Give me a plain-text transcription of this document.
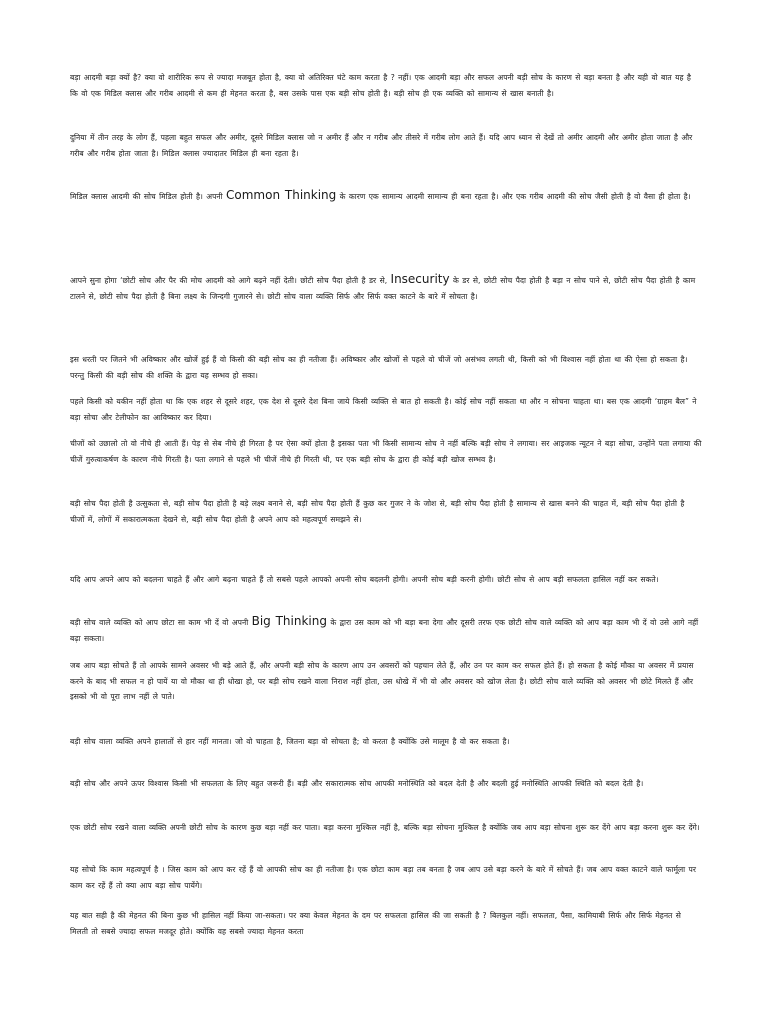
बड़ा आदमी बड़ा क्यों है? क्या वो शारीरिक रूप से ज्यादा मजबूत होता है, क्या वो अतिरिक्त घंटे काम करता है ? नहीं। एक आदमी बड़ा और सफल अपनी बड़ी सोच के कारण से बड़ा बनता है और यही वो बात यह है कि वो एक मिडिल क्लास और गरीब आदमी से कम ही मेहनत करता है, बस उसके पास एक बड़ी सोच होती है। बड़ी सोच ही एक व्यक्ति को सामान्य से खास बनाती है।

दुनिया में तीन तरह के लोग हैं, पहला बहुत सफल और अमीर, दूसरे मिडिल क्लास जो न अमीर हैं और न गरीब और तीसरे में गरीब लोग आते हैं। यदि आप ध्यान से देखें तो अमीर आदमी और अमीर होता जाता है और गरीब और गरीब होता जाता है। मिडिल क्लास ज्यादातर मिडिल ही बना रहता है।

मिडिल क्लास आदमी की सोच मिडिल होती है। अपनी Common Thinking के कारण एक सामान्य आदमी सामान्य ही बना रहता है। और एक गरीब आदमी की सोच जैसी होती है वो वैसा ही होता है।

आपने सुना होगा ‘छोटी सोच और पैर की मोच आदमी को आगे बढ़ने नहीं देती। छोटी सोच पैदा होती है डर से, Insecurity के डर से, छोटी सोच पैदा होती है बड़ा न सोच पाने से, छोटी सोच पैदा होती है काम टालने से, छोटी सोच पैदा होती है बिना लक्ष्य के जिन्दगी गुजारने से। छोटी सोच वाला व्यक्ति सिर्फ और सिर्फ वक्त काटने के बारे में सोचता है।

इस धरती पर जितने भी अविष्कार और खोजें हुई हैं वो किसी की बड़ी सोच का ही नतीजा हैं। अविष्कार और खोजों से पहले वो चीजें जो असंभव लगती थी, किसी को भी विश्वास नहीं होता था की ऐसा हो सकता है। परन्तु किसी की बड़ी सोच की शक्ति के द्वारा यह सम्भव हो सका।

पहले किसी को यकीन नहीं होता था कि एक शहर से दूसरे शहर, एक देश से दूसरे देश बिना जाये किसी व्यक्ति से बात हो सकती है। कोई सोच नहीं सकता था और न सोचना चाहता था। बस एक आदमी ‘ग्राहम बैल” ने बड़ा सोचा और टेलीफोन का आविष्कार कर दिया।

चीजों को उछालो तो वो नीचे ही आती हैं। पेड़ से सेब नीचे ही गिरता है पर ऐसा क्यों होता है इसका पता भी किसी सामान्य सोच ने नहीं बल्कि बड़ी सोच ने लगाया। सर आइजक न्यूटन ने बड़ा सोचा, उन्होंने पता लगाया की चीजें गुरुत्वाकर्षण के कारण नीचे गिरती है। पता लगाने से पहले भी चीजें नीचे ही गिरती थी, पर एक बड़ी सोच के द्वारा ही कोई बड़ी खोज सम्भव है।

बड़ी सोच पैदा होती है उत्सुकता से, बड़ी सोच पैदा होती है बड़े लक्ष्य बनाने से, बड़ी सोच पैदा होती हैं कुछ कर गुजर ने के जोश से, बड़ी सोच पैदा होती है सामान्य से खास बनने की चाहत में, बड़ी सोच पैदा होती है चीजों में, लोगों में सकारात्मकता देखने से, बड़ी सोच पैदा होती है अपने आप को महत्वपूर्ण समझने से।

यदि आप अपने आप को बदलना चाहते हैं और आगे बढ़ना चाहते हैं तो सबसे पहले आपको अपनी सोच बदलनी होगी। अपनी सोच बड़ी करनी होगी। छोटी सोच से आप बड़ी सफलता हासिल नहीं कर सकते।

बड़ी सोच वाले व्यक्ति को आप छोटा सा काम भी दें वो अपनी Big Thinking के द्वारा उस काम को भी बड़ा बना देगा और दूसरी तरफ एक छोटी सोच वाले व्यक्ति को आप बड़ा काम भी दें वो उसे आगे नहीं बढ़ा सकता।

जब आप बड़ा सोचते हैं तो आपके सामने अवसर भी बड़े आते हैं, और अपनी बड़ी सोच के कारण आप उन अवसरों को पहचान लेते हैं, और उन पर काम कर सफल होते हैं। हो सकता है कोई मौका या अवसर में प्रयास करने के बाद भी सफल न हो पायें या वो मौका था ही धोखा हो, पर बड़ी सोच रखने वाला निराश नहीं होता, उस धोखे में भी वो और अवसर को खोज लेता है। छोटी सोच वाले व्यक्ति को अवसर भी छोटे मिलते हैं और इसको भी वो पूरा लाभ नहीं ले पाते।

बड़ी सोच वाला व्यक्ति अपने हालातों से हार नहीं मानता। जो वो चाहता है, जितना बड़ा वो सोचता है; वो करता है क्योंकि उसे मालूम है वो कर सकता है।

बड़ी सोच और अपने ऊपर विश्वास किसी भी सफलता के लिए बहुत जरूरी हैं। बड़ी और सकारात्मक सोच आपकी मनोस्थिति को बदल देती है और बदली हुई मनोस्थिति आपकी स्थिति को बदल देती है।

एक छोटी सोच रखने वाला व्यक्ति अपनी छोटी सोच के कारण कुछ बड़ा नहीं कर पाता। बड़ा करना मुश्किल नहीं है, बल्कि बड़ा सोचना मुश्किल है क्योंकि जब आप बड़ा सोचना शुरू कर देंगे आप बड़ा करना शुरू कर देंगे।

यह सोचो कि काम महत्वपूर्ण है । जिस काम को आप कर रहें हैं वो आपकी सोच का ही नतीजा है। एक छोटा काम बड़ा तब बनता है जब आप उसे बड़ा करने के बारे में सोचते हैं। जब आप वक्त काटने वाले फार्मूला पर काम कर रहें हैं तो क्या आप बड़ा सोच पायेंगे।

यह बात सही है की मेहनत की बिना कुछ भी हासिल नहीं किया जा-सकता। पर क्या केवल मेहनत के दम पर सफलता हासिल की जा सकती है ? बिलकुल नहीं। सफलता, पैसा, कामियाबी सिर्फ और सिर्फ मेहनत से मिलती तो सबसे ज्यादा सफल मजदूर होते। क्योंकि वह सबसे ज्यादा मेहनत करता
